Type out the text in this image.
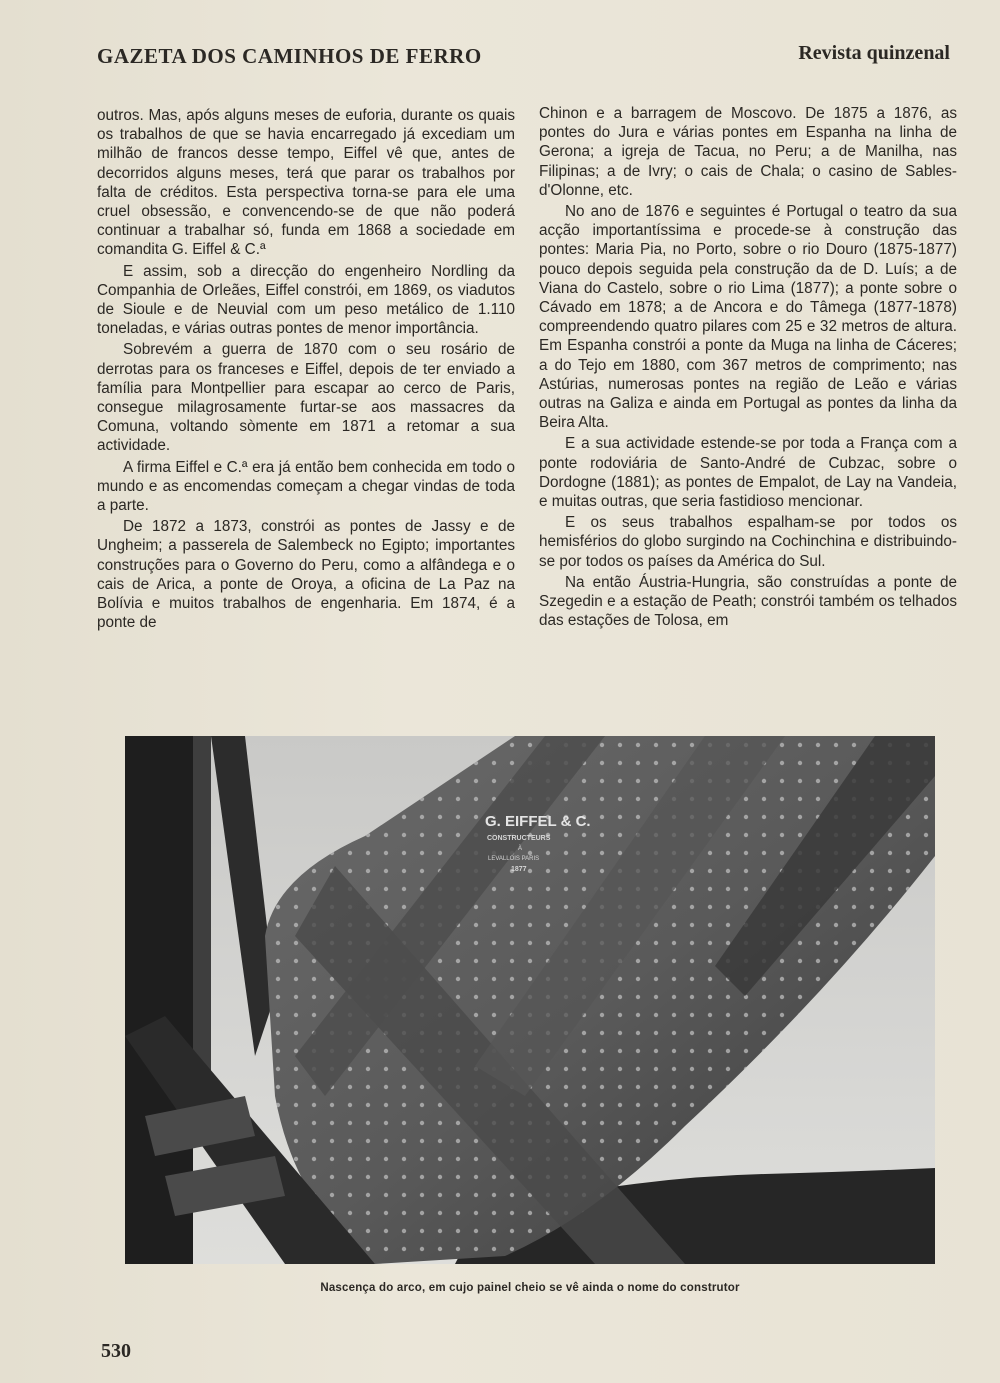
GAZETA DOS CAMINHOS DE FERRO	Revista quinzenal

outros. Mas, após alguns meses de euforia, durante os quais os trabalhos de que se havia encarregado já excediam um milhão de francos desse tempo, Eiffel vê que, antes de decorridos alguns meses, terá que parar os trabalhos por falta de créditos. Esta perspectiva torna-se para ele uma cruel obsessão, e convencendo-se de que não poderá continuar a trabalhar só, funda em 1868 a sociedade em comandita G. Eiffel & C.ª

E assim, sob a direcção do engenheiro Nordling da Companhia de Orleães, Eiffel constrói, em 1869, os viadutos de Sioule e de Neuvial com um peso metálico de 1.110 toneladas, e várias outras pontes de menor importância.

Sobrevém a guerra de 1870 com o seu rosário de derrotas para os franceses e Eiffel, depois de ter enviado a família para Montpellier para escapar ao cerco de Paris, consegue milagrosamente furtar-se aos massacres da Comuna, voltando sòmente em 1871 a retomar a sua actividade.

A firma Eiffel e C.ª era já então bem conhecida em todo o mundo e as encomendas começam a chegar vindas de toda a parte.

De 1872 a 1873, constrói as pontes de Jassy e de Ungheim; a passerela de Salembeck no Egipto; importantes construções para o Governo do Peru, como a alfândega e o cais de Arica, a ponte de Oroya, a oficina de La Paz na Bolívia e muitos trabalhos de engenharia. Em 1874, é a ponte de

Chinon e a barragem de Moscovo. De 1875 a 1876, as pontes do Jura e várias pontes em Espanha na linha de Gerona; a igreja de Tacua, no Peru; a de Manilha, nas Filipinas; a de Ivry; o cais de Chala; o casino de Sables-d'Olonne, etc.

No ano de 1876 e seguintes é Portugal o teatro da sua acção importantíssima e procede-se à construção das pontes: Maria Pia, no Porto, sobre o rio Douro (1875-1877) pouco depois seguida pela construção da de D. Luís; a de Viana do Castelo, sobre o rio Lima (1877); a ponte sobre o Cávado em 1878; a de Ancora e do Tâmega (1877-1878) compreendendo quatro pilares com 25 e 32 metros de altura. Em Espanha constrói a ponte da Muga na linha de Cáceres; a do Tejo em 1880, com 367 metros de comprimento; nas Astúrias, numerosas pontes na região de Leão e várias outras na Galiza e ainda em Portugal as pontes da linha da Beira Alta.

E a sua actividade estende-se por toda a França com a ponte rodoviária de Santo-André de Cubzac, sobre o Dordogne (1881); as pontes de Empalot, de Lay na Vandeia, e muitas outras, que seria fastidioso mencionar.

E os seus trabalhos espalham-se por todos os hemisférios do globo surgindo na Cochinchina e distribuindo-se por todos os países da América do Sul.

Na então Áustria-Hungria, são construídas a ponte de Szegedin e a estação de Peath; constrói também os telhados das estações de Tolosa, em

G. EIFFEL & C.
CONSTRUCTEURS
À
LEVALLOIS PARIS
1877
Nascença do arco, em cujo painel cheio se vê ainda o nome do construtor
530
